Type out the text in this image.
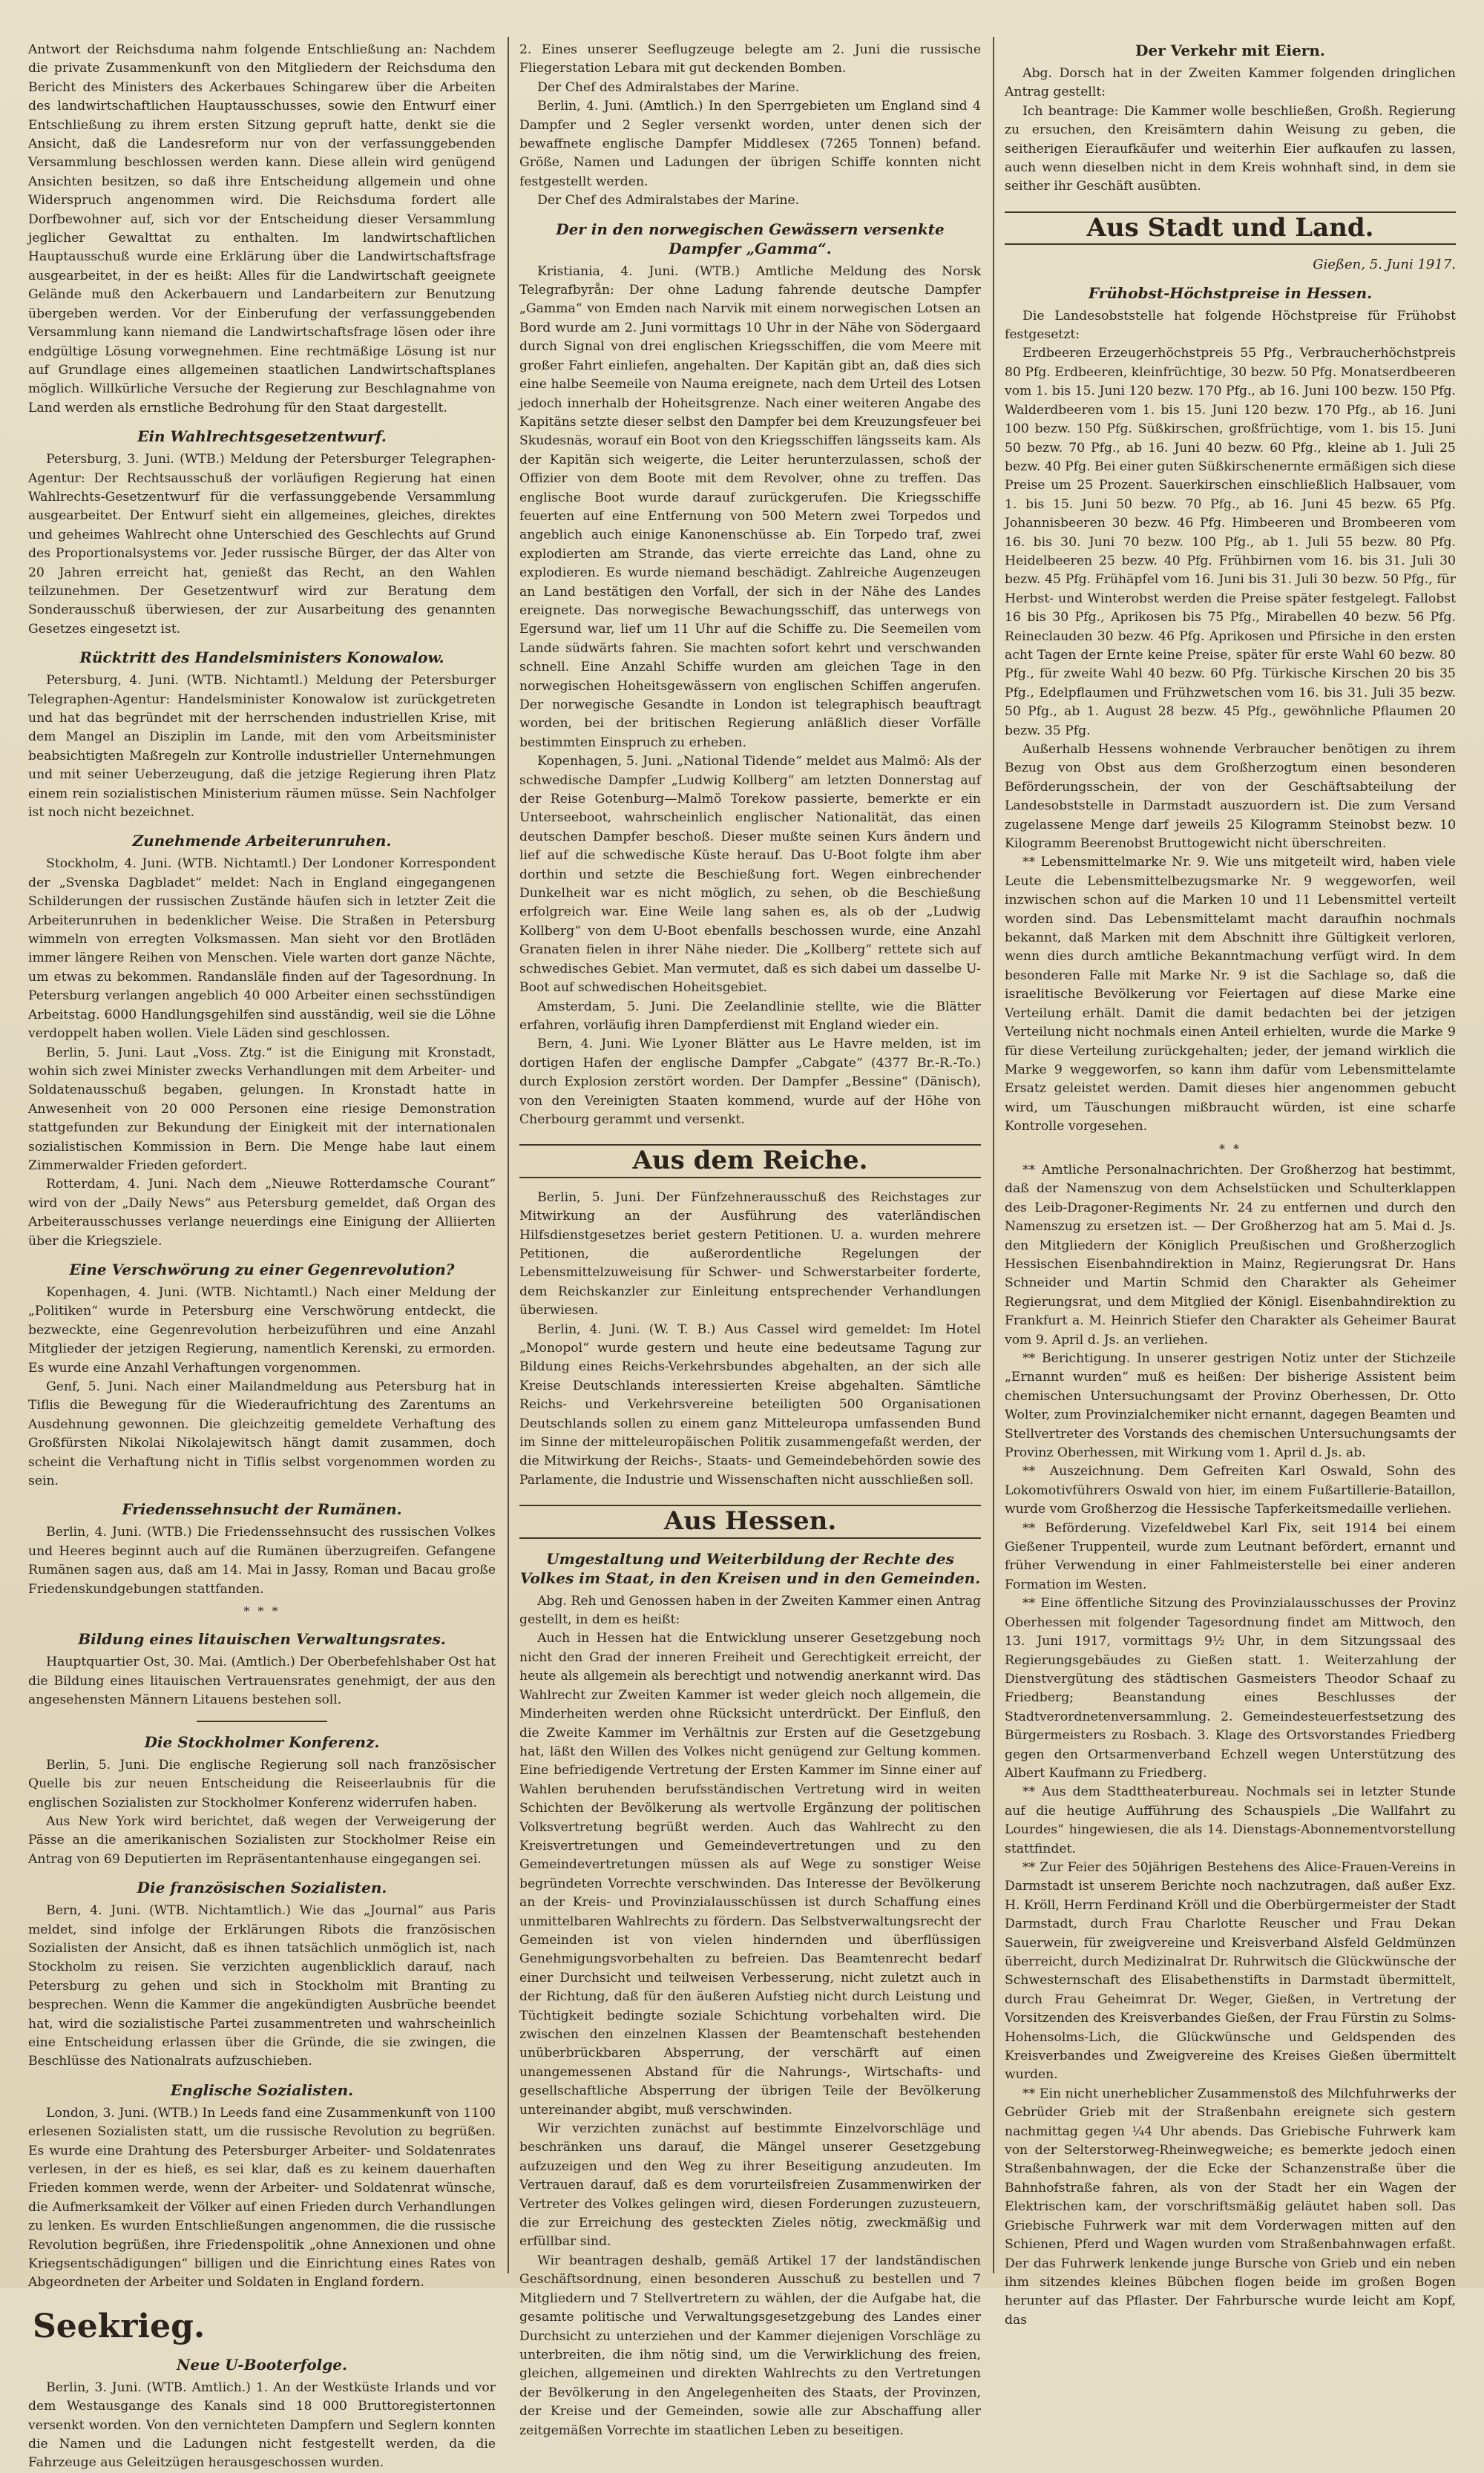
Antwort der Reichsduma nahm folgende Entschließung an: Nachdem die private Zusammenkunft von den Mitgliedern der Reichsduma den Bericht des Ministers des Ackerbaues Schingarew über die Arbeiten des landwirtschaftlichen Hauptausschusses, sowie den Entwurf einer Entschließung zu ihrem ersten Sitzung gepruft hatte, denkt sie die Ansicht, daß die Landesreform nur von der verfassunggebenden Versammlung beschlossen werden kann. Diese allein wird genügend Ansichten besitzen, so daß ihre Entscheidung allgemein und ohne Widerspruch angenommen wird. Die Reichsduma fordert alle Dorfbewohner auf, sich vor der Entscheidung dieser Versammlung jeglicher Gewalttat zu enthalten. Im landwirtschaftlichen Hauptausschuß wurde eine Erklärung über die Landwirtschaftsfrage ausgearbeitet, in der es heißt: Alles für die Landwirtschaft geeignete Gelände muß den Ackerbauern und Landarbeitern zur Benutzung übergeben werden. Vor der Einberufung der verfassunggebenden Versammlung kann niemand die Landwirtschaftsfrage lösen oder ihre endgültige Lösung vorwegnehmen. Eine rechtmäßige Lösung ist nur auf Grundlage eines allgemeinen staatlichen Landwirtschaftsplanes möglich. Willkürliche Versuche der Regierung zur Beschlagnahme von Land werden als ernstliche Bedrohung für den Staat dargestellt.

Ein Wahlrechtsgesetzentwurf.

Petersburg, 3. Juni. (WTB.) Meldung der Petersburger Telegraphen-Agentur: Der Rechtsausschuß der vorläufigen Regierung hat einen Wahlrechts-Gesetzentwurf für die verfassunggebende Versammlung ausgearbeitet. Der Entwurf sieht ein allgemeines, gleiches, direktes und geheimes Wahlrecht ohne Unterschied des Geschlechts auf Grund des Proportionalsystems vor. Jeder russische Bürger, der das Alter von 20 Jahren erreicht hat, genießt das Recht, an den Wahlen teilzunehmen. Der Gesetzentwurf wird zur Beratung dem Sonderausschuß überwiesen, der zur Ausarbeitung des genannten Gesetzes eingesetzt ist.

Rücktritt des Handelsministers Konowalow.

Petersburg, 4. Juni. (WTB. Nichtamtl.) Meldung der Petersburger Telegraphen-Agentur: Handelsminister Konowalow ist zurückgetreten und hat das begründet mit der herrschenden industriellen Krise, mit dem Mangel an Disziplin im Lande, mit den vom Arbeitsminister beabsichtigten Maßregeln zur Kontrolle industrieller Unternehmungen und mit seiner Ueberzeugung, daß die jetzige Regierung ihren Platz einem rein sozialistischen Ministerium räumen müsse. Sein Nachfolger ist noch nicht bezeichnet.

Zunehmende Arbeiterunruhen.

Stockholm, 4. Juni. (WTB. Nichtamtl.) Der Londoner Korrespondent der „Svenska Dagbladet“ meldet: Nach in England eingegangenen Schilderungen der russischen Zustände häufen sich in letzter Zeit die Arbeiterunruhen in bedenklicher Weise. Die Straßen in Petersburg wimmeln von erregten Volksmassen. Man sieht vor den Brotläden immer längere Reihen von Menschen. Viele warten dort ganze Nächte, um etwas zu bekommen. Randansläle finden auf der Tagesordnung. In Petersburg verlangen angeblich 40 000 Arbeiter einen sechsstündigen Arbeitstag. 6000 Handlungsgehilfen sind ausständig, weil sie die Löhne verdoppelt haben wollen. Viele Läden sind geschlossen.

Berlin, 5. Juni. Laut „Voss. Ztg.“ ist die Einigung mit Kronstadt, wohin sich zwei Minister zwecks Verhandlungen mit dem Arbeiter- und Soldatenausschuß begaben, gelungen. In Kronstadt hatte in Anwesenheit von 20 000 Personen eine riesige Demonstration stattgefunden zur Bekundung der Einigkeit mit der internationalen sozialistischen Kommission in Bern. Die Menge habe laut einem Zimmerwalder Frieden gefordert.

Rotterdam, 4. Juni. Nach dem „Nieuwe Rotterdamsche Courant“ wird von der „Daily News“ aus Petersburg gemeldet, daß Organ des Arbeiterausschusses verlange neuerdings eine Einigung der Alliierten über die Kriegsziele.

Eine Verschwörung zu einer Gegenrevolution?

Kopenhagen, 4. Juni. (WTB. Nichtamtl.) Nach einer Meldung der „Politiken“ wurde in Petersburg eine Verschwörung entdeckt, die bezweckte, eine Gegenrevolution herbeizuführen und eine Anzahl Mitglieder der jetzigen Regierung, namentlich Kerenski, zu ermorden. Es wurde eine Anzahl Verhaftungen vorgenommen.

Genf, 5. Juni. Nach einer Mailandmeldung aus Petersburg hat in Tiflis die Bewegung für die Wiederaufrichtung des Zarentums an Ausdehnung gewonnen. Die gleichzeitig gemeldete Verhaftung des Großfürsten Nikolai Nikolajewitsch hängt damit zusammen, doch scheint die Verhaftung nicht in Tiflis selbst vorgenommen worden zu sein.

Friedenssehnsucht der Rumänen.

Berlin, 4. Juni. (WTB.) Die Friedenssehnsucht des russischen Volkes und Heeres beginnt auch auf die Rumänen überzugreifen. Gefangene Rumänen sagen aus, daß am 14. Mai in Jassy, Roman und Bacau große Friedenskundgebungen stattfanden.

* * *
Bildung eines litauischen Verwaltungsrates.

Hauptquartier Ost, 30. Mai. (Amtlich.) Der Oberbefehlshaber Ost hat die Bildung eines litauischen Vertrauensrates genehmigt, der aus den angesehensten Männern Litauens bestehen soll.

Die Stockholmer Konferenz.

Berlin, 5. Juni. Die englische Regierung soll nach französischer Quelle bis zur neuen Entscheidung die Reiseerlaubnis für die englischen Sozialisten zur Stockholmer Konferenz widerrufen haben.

Aus New York wird berichtet, daß wegen der Verweigerung der Pässe an die amerikanischen Sozialisten zur Stockholmer Reise ein Antrag von 69 Deputierten im Repräsentantenhause eingegangen sei.

Die französischen Sozialisten.

Bern, 4. Juni. (WTB. Nichtamtlich.) Wie das „Journal“ aus Paris meldet, sind infolge der Erklärungen Ribots die französischen Sozialisten der Ansicht, daß es ihnen tatsächlich unmöglich ist, nach Stockholm zu reisen. Sie verzichten augenblicklich darauf, nach Petersburg zu gehen und sich in Stockholm mit Branting zu besprechen. Wenn die Kammer die angekündigten Ausbrüche beendet hat, wird die sozialistische Partei zusammentreten und wahrscheinlich eine Entscheidung erlassen über die Gründe, die sie zwingen, die Beschlüsse des Nationalrats aufzuschieben.

Englische Sozialisten.

London, 3. Juni. (WTB.) In Leeds fand eine Zusammenkunft von 1100 erlesenen Sozialisten statt, um die russische Revolution zu begrüßen. Es wurde eine Drahtung des Petersburger Arbeiter- und Soldatenrates verlesen, in der es hieß, es sei klar, daß es zu keinem dauerhaften Frieden kommen werde, wenn der Arbeiter- und Soldatenrat wünsche, die Aufmerksamkeit der Völker auf einen Frieden durch Verhandlungen zu lenken. Es wurden Entschließungen angenommen, die die russische Revolution begrüßen, ihre Friedenspolitik „ohne Annexionen und ohne Kriegsentschädigungen“ billigen und die Einrichtung eines Rates von Abgeordneten der Arbeiter und Soldaten in England fordern.

Seekrieg.
Neue U-Booterfolge.

Berlin, 3. Juni. (WTB. Amtlich.) 1. An der Westküste Irlands und vor dem Westausgange des Kanals sind 18 000 Bruttoregistertonnen versenkt worden. Von den vernichteten Dampfern und Seglern konnten die Namen und die Ladungen nicht festgestellt werden, da die Fahrzeuge aus Geleitzügen herausgeschossen wurden.

2. Eines unserer Seeflugzeuge belegte am 2. Juni die russische Fliegerstation Lebara mit gut deckenden Bomben.

Der Chef des Admiralstabes der Marine.

Berlin, 4. Juni. (Amtlich.) In den Sperrgebieten um England sind 4 Dampfer und 2 Segler versenkt worden, unter denen sich der bewaffnete englische Dampfer Middlesex (7265 Tonnen) befand. Größe, Namen und Ladungen der übrigen Schiffe konnten nicht festgestellt werden.

Der Chef des Admiralstabes der Marine.

Der in den norwegischen Gewässern versenkte Dampfer „Gamma“.

Kristiania, 4. Juni. (WTB.) Amtliche Meldung des Norsk Telegrafbyrån: Der ohne Ladung fahrende deutsche Dampfer „Gamma“ von Emden nach Narvik mit einem norwegischen Lotsen an Bord wurde am 2. Juni vormittags 10 Uhr in der Nähe von Södergaard durch Signal von drei englischen Kriegsschiffen, die vom Meere mit großer Fahrt einliefen, angehalten. Der Kapitän gibt an, daß dies sich eine halbe Seemeile von Nauma ereignete, nach dem Urteil des Lotsen jedoch innerhalb der Hoheitsgrenze. Nach einer weiteren Angabe des Kapitäns setzte dieser selbst den Dampfer bei dem Kreuzungsfeuer bei Skudesnäs, worauf ein Boot von den Kriegsschiffen längsseits kam. Als der Kapitän sich weigerte, die Leiter herunterzulassen, schoß der Offizier von dem Boote mit dem Revolver, ohne zu treffen. Das englische Boot wurde darauf zurückgerufen. Die Kriegsschiffe feuerten auf eine Entfernung von 500 Metern zwei Torpedos und angeblich auch einige Kanonenschüsse ab. Ein Torpedo traf, zwei explodierten am Strande, das vierte erreichte das Land, ohne zu explodieren. Es wurde niemand beschädigt. Zahlreiche Augenzeugen an Land bestätigen den Vorfall, der sich in der Nähe des Landes ereignete. Das norwegische Bewachungsschiff, das unterwegs von Egersund war, lief um 11 Uhr auf die Schiffe zu. Die Seemeilen vom Lande südwärts fahren. Sie machten sofort kehrt und verschwanden schnell. Eine Anzahl Schiffe wurden am gleichen Tage in den norwegischen Hoheitsgewässern von englischen Schiffen angerufen. Der norwegische Gesandte in London ist telegraphisch beauftragt worden, bei der britischen Regierung anläßlich dieser Vorfälle bestimmten Einspruch zu erheben.

Kopenhagen, 5. Juni. „National Tidende“ meldet aus Malmö: Als der schwedische Dampfer „Ludwig Kollberg“ am letzten Donnerstag auf der Reise Gotenburg—Malmö Torekow passierte, bemerkte er ein Unterseeboot, wahrscheinlich englischer Nationalität, das einen deutschen Dampfer beschoß. Dieser mußte seinen Kurs ändern und lief auf die schwedische Küste herauf. Das U-Boot folgte ihm aber dorthin und setzte die Beschießung fort. Wegen einbrechender Dunkelheit war es nicht möglich, zu sehen, ob die Beschießung erfolgreich war. Eine Weile lang sahen es, als ob der „Ludwig Kollberg“ von dem U-Boot ebenfalls beschossen wurde, eine Anzahl Granaten fielen in ihrer Nähe nieder. Die „Kollberg“ rettete sich auf schwedisches Gebiet. Man vermutet, daß es sich dabei um dasselbe U-Boot auf schwedischen Hoheitsgebiet.

Amsterdam, 5. Juni. Die Zeelandlinie stellte, wie die Blätter erfahren, vorläufig ihren Dampferdienst mit England wieder ein.

Bern, 4. Juni. Wie Lyoner Blätter aus Le Havre melden, ist im dortigen Hafen der englische Dampfer „Cabgate“ (4377 Br.-R.-To.) durch Explosion zerstört worden. Der Dampfer „Bessine“ (Dänisch), von den Vereinigten Staaten kommend, wurde auf der Höhe von Cherbourg gerammt und versenkt.

Aus dem Reiche.

Berlin, 5. Juni. Der Fünfzehnerausschuß des Reichstages zur Mitwirkung an der Ausführung des vaterländischen Hilfsdienstgesetzes beriet gestern Petitionen. U. a. wurden mehrere Petitionen, die außerordentliche Regelungen der Lebensmittelzuweisung für Schwer- und Schwerstarbeiter forderte, dem Reichskanzler zur Einleitung entsprechender Verhandlungen überwiesen.

Berlin, 4. Juni. (W. T. B.) Aus Cassel wird gemeldet: Im Hotel „Monopol“ wurde gestern und heute eine bedeutsame Tagung zur Bildung eines Reichs-Verkehrsbundes abgehalten, an der sich alle Kreise Deutschlands interessierten Kreise abgehalten. Sämtliche Reichs- und Verkehrsvereine beteiligten 500 Organisationen Deutschlands sollen zu einem ganz Mitteleuropa umfassenden Bund im Sinne der mitteleuropäischen Politik zusammengefaßt werden, der die Mitwirkung der Reichs-, Staats- und Gemeindebehörden sowie des Parlamente, die Industrie und Wissenschaften nicht ausschließen soll.

Aus Hessen.
Umgestaltung und Weiterbildung der Rechte des Volkes im Staat, in den Kreisen und in den Gemeinden.

Abg. Reh und Genossen haben in der Zweiten Kammer einen Antrag gestellt, in dem es heißt:

Auch in Hessen hat die Entwicklung unserer Gesetzgebung noch nicht den Grad der inneren Freiheit und Gerechtigkeit erreicht, der heute als allgemein als berechtigt und notwendig anerkannt wird. Das Wahlrecht zur Zweiten Kammer ist weder gleich noch allgemein, die Minderheiten werden ohne Rücksicht unterdrückt. Der Einfluß, den die Zweite Kammer im Verhältnis zur Ersten auf die Gesetzgebung hat, läßt den Willen des Volkes nicht genügend zur Geltung kommen. Eine befriedigende Vertretung der Ersten Kammer im Sinne einer auf Wahlen beruhenden berufsständischen Vertretung wird in weiten Schichten der Bevölkerung als wertvolle Ergänzung der politischen Volksvertretung begrüßt werden. Auch das Wahlrecht zu den Kreisvertretungen und Gemeindevertretungen und zu den Gemeindevertretungen müssen als auf Wege zu sonstiger Weise begründeten Vorrechte verschwinden. Das Interesse der Bevölkerung an der Kreis- und Provinzialausschüssen ist durch Schaffung eines unmittelbaren Wahlrechts zu fördern. Das Selbstverwaltungsrecht der Gemeinden ist von vielen hindernden und überflüssigen Genehmigungsvorbehalten zu befreien. Das Beamtenrecht bedarf einer Durchsicht und teilweisen Verbesserung, nicht zuletzt auch in der Richtung, daß für den äußeren Aufstieg nicht durch Leistung und Tüchtigkeit bedingte soziale Schichtung vorbehalten wird. Die zwischen den einzelnen Klassen der Beamtenschaft bestehenden unüberbrückbaren Absperrung, der verschärft auf einen unangemessenen Abstand für die Nahrungs-, Wirtschafts- und gesellschaftliche Absperrung der übrigen Teile der Bevölkerung untereinander abgibt, muß verschwinden.

Wir verzichten zunächst auf bestimmte Einzelvorschläge und beschränken uns darauf, die Mängel unserer Gesetzgebung aufzuzeigen und den Weg zu ihrer Beseitigung anzudeuten. Im Vertrauen darauf, daß es dem vorurteilsfreien Zusammenwirken der Vertreter des Volkes gelingen wird, diesen Forderungen zuzusteuern, die zur Erreichung des gesteckten Zieles nötig, zweckmäßig und erfüllbar sind.

Wir beantragen deshalb, gemäß Artikel 17 der landständischen Geschäftsordnung, einen besonderen Ausschuß zu bestellen und 7 Mitgliedern und 7 Stellvertretern zu wählen, der die Aufgabe hat, die gesamte politische und Verwaltungsgesetzgebung des Landes einer Durchsicht zu unterziehen und der Kammer diejenigen Vorschläge zu unterbreiten, die ihm nötig sind, um die Verwirklichung des freien, gleichen, allgemeinen und direkten Wahlrechts zu den Vertretungen der Bevölkerung in den Angelegenheiten des Staats, der Provinzen, der Kreise und der Gemeinden, sowie alle zur Abschaffung aller zeitgemäßen Vorrechte im staatlichen Leben zu beseitigen.

Der Verkehr mit Eiern.

Abg. Dorsch hat in der Zweiten Kammer folgenden dringlichen Antrag gestellt:

Ich beantrage: Die Kammer wolle beschließen, Großh. Regierung zu ersuchen, den Kreisämtern dahin Weisung zu geben, die seitherigen Eieraufkäufer und weiterhin Eier aufkaufen zu lassen, auch wenn dieselben nicht in dem Kreis wohnhaft sind, in dem sie seither ihr Geschäft ausübten.

Aus Stadt und Land.
Gießen, 5. Juni 1917.
Frühobst-Höchstpreise in Hessen.

Die Landesobststelle hat folgende Höchstpreise für Frühobst festgesetzt:

Erdbeeren Erzeugerhöchstpreis 55 Pfg., Verbraucherhöchstpreis 80 Pfg. Erdbeeren, kleinfrüchtige, 30 bezw. 50 Pfg. Monatserdbeeren vom 1. bis 15. Juni 120 bezw. 170 Pfg., ab 16. Juni 100 bezw. 150 Pfg. Walderdbeeren vom 1. bis 15. Juni 120 bezw. 170 Pfg., ab 16. Juni 100 bezw. 150 Pfg. Süßkirschen, großfrüchtige, vom 1. bis 15. Juni 50 bezw. 70 Pfg., ab 16. Juni 40 bezw. 60 Pfg., kleine ab 1. Juli 25 bezw. 40 Pfg. Bei einer guten Süßkirschenernte ermäßigen sich diese Preise um 25 Prozent. Sauerkirschen einschließlich Halbsauer, vom 1. bis 15. Juni 50 bezw. 70 Pfg., ab 16. Juni 45 bezw. 65 Pfg. Johannisbeeren 30 bezw. 46 Pfg. Himbeeren und Brombeeren vom 16. bis 30. Juni 70 bezw. 100 Pfg., ab 1. Juli 55 bezw. 80 Pfg. Heidelbeeren 25 bezw. 40 Pfg. Frühbirnen vom 16. bis 31. Juli 30 bezw. 45 Pfg. Frühäpfel vom 16. Juni bis 31. Juli 30 bezw. 50 Pfg., für Herbst- und Winterobst werden die Preise später festgelegt. Fallobst 16 bis 30 Pfg., Aprikosen bis 75 Pfg., Mirabellen 40 bezw. 56 Pfg. Reineclauden 30 bezw. 46 Pfg. Aprikosen und Pfirsiche in den ersten acht Tagen der Ernte keine Preise, später für erste Wahl 60 bezw. 80 Pfg., für zweite Wahl 40 bezw. 60 Pfg. Türkische Kirschen 20 bis 35 Pfg., Edelpflaumen und Frühzwetschen vom 16. bis 31. Juli 35 bezw. 50 Pfg., ab 1. August 28 bezw. 45 Pfg., gewöhnliche Pflaumen 20 bezw. 35 Pfg.

Außerhalb Hessens wohnende Verbraucher benötigen zu ihrem Bezug von Obst aus dem Großherzogtum einen besonderen Beförderungsschein, der von der Geschäftsabteilung der Landesobststelle in Darmstadt auszuordern ist. Die zum Versand zugelassene Menge darf jeweils 25 Kilogramm Steinobst bezw. 10 Kilogramm Beerenobst Bruttogewicht nicht überschreiten.

** Lebensmittelmarke Nr. 9. Wie uns mitgeteilt wird, haben viele Leute die Lebensmittelbezugsmarke Nr. 9 weggeworfen, weil inzwischen schon auf die Marken 10 und 11 Lebensmittel verteilt worden sind. Das Lebensmittelamt macht daraufhin nochmals bekannt, daß Marken mit dem Abschnitt ihre Gültigkeit verloren, wenn dies durch amtliche Bekanntmachung verfügt wird. In dem besonderen Falle mit Marke Nr. 9 ist die Sachlage so, daß die israelitische Bevölkerung vor Feiertagen auf diese Marke eine Verteilung erhält. Damit die damit bedachten bei der jetzigen Verteilung nicht nochmals einen Anteil erhielten, wurde die Marke 9 für diese Verteilung zurückgehalten; jeder, der jemand wirklich die Marke 9 weggeworfen, so kann ihm dafür vom Lebensmittelamte Ersatz geleistet werden. Damit dieses hier angenommen gebucht wird, um Täuschungen mißbraucht würden, ist eine scharfe Kontrolle vorgesehen.

* *

** Amtliche Personalnachrichten. Der Großherzog hat bestimmt, daß der Namenszug von dem Achselstücken und Schulterklappen des Leib-Dragoner-Regiments Nr. 24 zu entfernen und durch den Namenszug zu ersetzen ist. — Der Großherzog hat am 5. Mai d. Js. den Mitgliedern der Königlich Preußischen und Großherzoglich Hessischen Eisenbahndirektion in Mainz, Regierungsrat Dr. Hans Schneider und Martin Schmid den Charakter als Geheimer Regierungsrat, und dem Mitglied der Königl. Eisenbahndirektion zu Frankfurt a. M. Heinrich Stiefer den Charakter als Geheimer Baurat vom 9. April d. Js. an verliehen.

** Berichtigung. In unserer gestrigen Notiz unter der Stichzeile „Ernannt wurden“ muß es heißen: Der bisherige Assistent beim chemischen Untersuchungsamt der Provinz Oberhessen, Dr. Otto Wolter, zum Provinzialchemiker nicht ernannt, dagegen Beamten und Stellvertreter des Vorstands des chemischen Untersuchungsamts der Provinz Oberhessen, mit Wirkung vom 1. April d. Js. ab.

** Auszeichnung. Dem Gefreiten Karl Oswald, Sohn des Lokomotivführers Oswald von hier, im einem Fußartillerie-Bataillon, wurde vom Großherzog die Hessische Tapferkeitsmedaille verliehen.

** Beförderung. Vizefeldwebel Karl Fix, seit 1914 bei einem Gießener Truppenteil, wurde zum Leutnant befördert, ernannt und früher Verwendung in einer Fahlmeisterstelle bei einer anderen Formation im Westen.

** Eine öffentliche Sitzung des Provinzialausschusses der Provinz Oberhessen mit folgender Tagesordnung findet am Mittwoch, den 13. Juni 1917, vormittags 9½ Uhr, in dem Sitzungssaal des Regierungsgebäudes zu Gießen statt. 1. Weiterzahlung der Dienstvergütung des städtischen Gasmeisters Theodor Schaaf zu Friedberg; Beanstandung eines Beschlusses der Stadtverordnetenversammlung. 2. Gemeindesteuerfestsetzung des Bürgermeisters zu Rosbach. 3. Klage des Ortsvorstandes Friedberg gegen den Ortsarmenverband Echzell wegen Unterstützung des Albert Kaufmann zu Friedberg.

** Aus dem Stadttheaterbureau. Nochmals sei in letzter Stunde auf die heutige Aufführung des Schauspiels „Die Wallfahrt zu Lourdes“ hingewiesen, die als 14. Dienstags-Abonnementvorstellung stattfindet.

** Zur Feier des 50jährigen Bestehens des Alice-Frauen-Vereins in Darmstadt ist unserem Berichte noch nachzutragen, daß außer Exz. H. Kröll, Herrn Ferdinand Kröll und die Oberbürgermeister der Stadt Darmstadt, durch Frau Charlotte Reuscher und Frau Dekan Sauerwein, für zweigvereine und Kreisverband Alsfeld Geldmünzen überreicht, durch Medizinalrat Dr. Ruhrwitsch die Glückwünsche der Schwesternschaft des Elisabethenstifts in Darmstadt übermittelt, durch Frau Geheimrat Dr. Weger, Gießen, in Vertretung der Vorsitzenden des Kreisverbandes Gießen, der Frau Fürstin zu Solms-Hohensolms-Lich, die Glückwünsche und Geldspenden des Kreisverbandes und Zweigvereine des Kreises Gießen übermittelt wurden.

** Ein nicht unerheblicher Zusammenstoß des Milchfuhrwerks der Gebrüder Grieb mit der Straßenbahn ereignete sich gestern nachmittag gegen ¼4 Uhr abends. Das Griebische Fuhrwerk kam von der Selterstorweg-Rheinwegweiche; es bemerkte jedoch einen Straßenbahnwagen, der die Ecke der Schanzenstraße über die Bahnhofstraße fahren, als von der Stadt her ein Wagen der Elektrischen kam, der vorschriftsmäßig geläutet haben soll. Das Griebische Fuhrwerk war mit dem Vorderwagen mitten auf den Schienen, Pferd und Wagen wurden vom Straßenbahnwagen erfaßt. Der das Fuhrwerk lenkende junge Bursche von Grieb und ein neben ihm sitzendes kleines Bübchen flogen beide im großen Bogen herunter auf das Pflaster. Der Fahrbursche wurde leicht am Kopf, das
